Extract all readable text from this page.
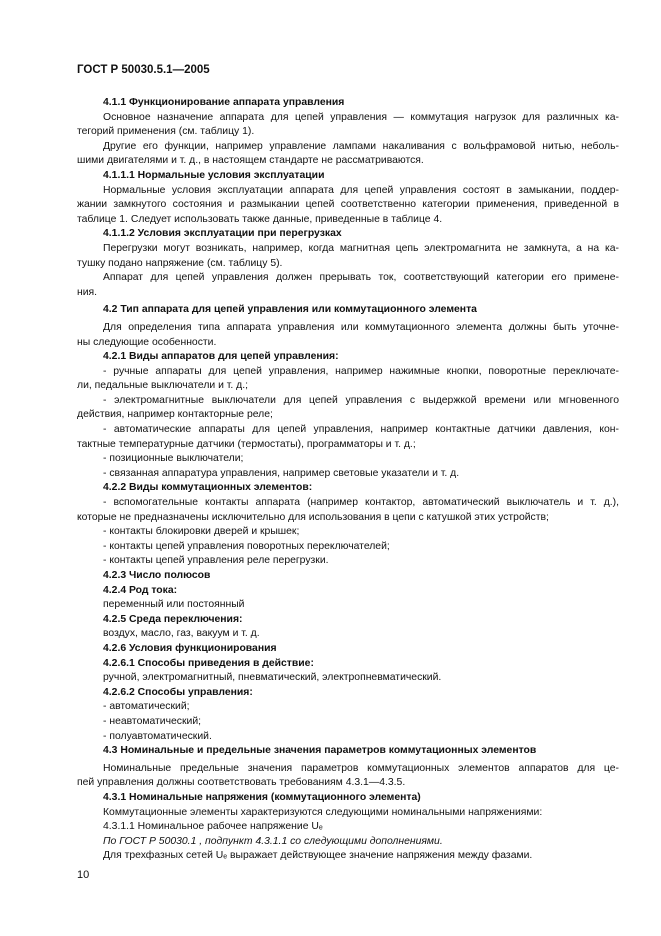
ГОСТ Р 50030.5.1—2005
4.1.1 Функционирование аппарата управления
Основное назначение аппарата для цепей управления — коммутация нагрузок для различных ка-
тегорий применения (см. таблицу 1).
Другие его функции, например управление лампами накаливания с вольфрамовой нитью, неболь-
шими двигателями и т. д., в настоящем стандарте не рассматриваются.
4.1.1.1 Нормальные условия эксплуатации
Нормальные условия эксплуатации аппарата для цепей управления состоят в замыкании, поддер-
жании замкнутого состояния и размыкании цепей соответственно категории применения, приведенной в
таблице 1. Следует использовать также данные, приведенные в таблице 4.
4.1.1.2 Условия эксплуатации при перегрузках
Перегрузки могут возникать, например, когда магнитная цепь электромагнита не замкнута, а на ка-
тушку подано напряжение (см. таблицу 5).
Аппарат для цепей управления должен прерывать ток, соответствующий категории его примене-
ния.
4.2 Тип аппарата для цепей управления или коммутационного элемента
Для определения типа аппарата управления или коммутационного элемента должны быть уточне-
ны следующие особенности.
4.2.1 Виды аппаратов для цепей управления:
- ручные аппараты для цепей управления, например нажимные кнопки, поворотные переключате-
ли, педальные выключатели и т. д.;
- электромагнитные выключатели для цепей управления с выдержкой времени или мгновенного
действия, например контакторные реле;
- автоматические аппараты для цепей управления, например контактные датчики давления, кон-
тактные температурные датчики (термостаты), программаторы и т. д.;
- позиционные выключатели;
- связанная аппаратура управления, например световые указатели и т. д.
4.2.2 Виды коммутационных элементов:
- вспомогательные контакты аппарата (например контактор, автоматический выключатель и т. д.),
которые не предназначены исключительно для использования в цепи с катушкой этих устройств;
- контакты блокировки дверей и крышек;
- контакты цепей управления поворотных переключателей;
- контакты цепей управления реле перегрузки.
4.2.3 Число полюсов
4.2.4 Род тока:
переменный или постоянный
4.2.5 Среда переключения:
воздух, масло, газ, вакуум и т. д.
4.2.6 Условия функционирования
4.2.6.1 Способы приведения в действие:
ручной, электромагнитный, пневматический, электропневматический.
4.2.6.2 Способы управления:
- автоматический;
- неавтоматический;
- полуавтоматический.
4.3 Номинальные и предельные значения параметров коммутационных элементов
Номинальные предельные значения параметров коммутационных элементов аппаратов для це-
пей управления должны соответствовать требованиям 4.3.1—4.3.5.
4.3.1 Номинальные напряжения (коммутационного элемента)
Коммутационные элементы характеризуются следующими номинальными напряжениями:
4.3.1.1 Номинальное рабочее напряжение Uₑ
По ГОСТ Р 50030.1 , подпункт 4.3.1.1 со следующими дополнениями.
Для трехфазных сетей Uₑ выражает действующее значение напряжения между фазами.
10
